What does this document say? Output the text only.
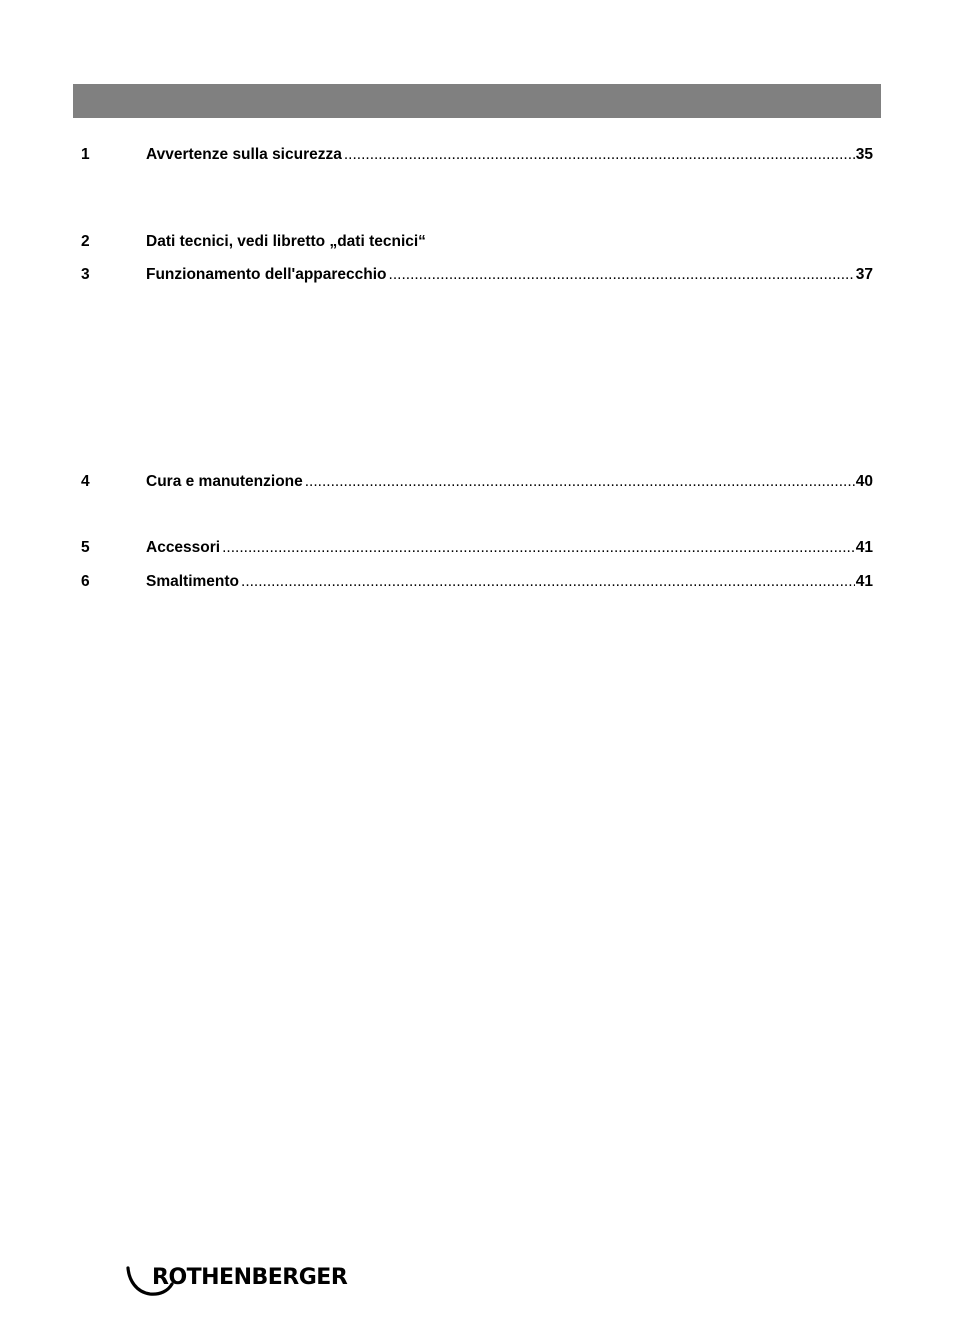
1	Avvertenze sulla sicurezza .....	35
2	Dati tecnici, vedi libretto „dati tecnici“
3	Funzionamento dell'apparecchio .....	37
4	Cura e manutenzione .....	40
5	Accessori .....	41
6	Smaltimento .....	41
ROTHENBERGER
